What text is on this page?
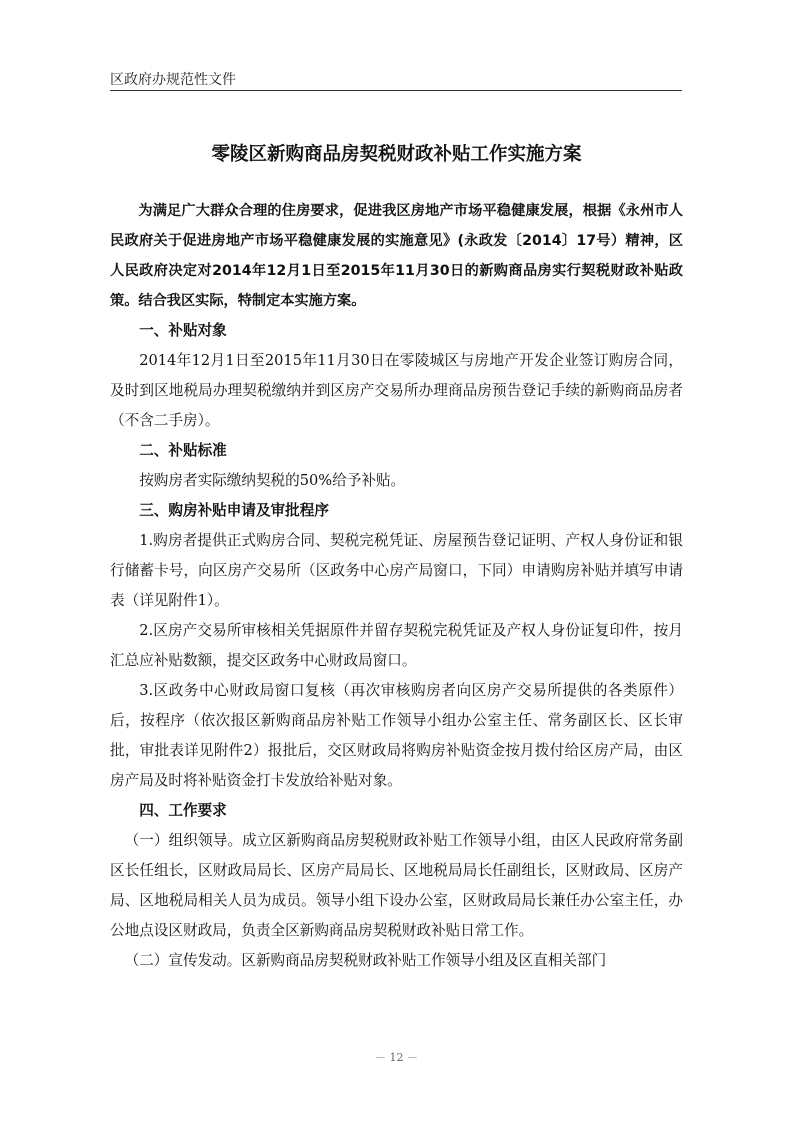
区政府办规范性文件
零陵区新购商品房契税财政补贴工作实施方案

为满足广大群众合理的住房要求，促进我区房地产市场平稳健康发展，根据《永州市人民政府关于促进房地产市场平稳健康发展的实施意见》(永政发〔2014〕17号）精神，区人民政府决定对2014年12月1日至2015年11月30日的新购商品房实行契税财政补贴政策。结合我区实际，特制定本实施方案。

一、补贴对象

2014年12月1日至2015年11月30日在零陵城区与房地产开发企业签订购房合同，及时到区地税局办理契税缴纳并到区房产交易所办理商品房预告登记手续的新购商品房者（不含二手房）。

二、补贴标准

按购房者实际缴纳契税的50%给予补贴。

三、购房补贴申请及审批程序

1.购房者提供正式购房合同、契税完税凭证、房屋预告登记证明、产权人身份证和银行储蓄卡号，向区房产交易所（区政务中心房产局窗口，下同）申请购房补贴并填写申请表（详见附件1）。

2.区房产交易所审核相关凭据原件并留存契税完税凭证及产权人身份证复印件，按月汇总应补贴数额，提交区政务中心财政局窗口。

3.区政务中心财政局窗口复核（再次审核购房者向区房产交易所提供的各类原件）后，按程序（依次报区新购商品房补贴工作领导小组办公室主任、常务副区长、区长审批，审批表详见附件2）报批后，交区财政局将购房补贴资金按月拨付给区房产局，由区房产局及时将补贴资金打卡发放给补贴对象。

四、工作要求

（一）组织领导。成立区新购商品房契税财政补贴工作领导小组，由区人民政府常务副区长任组长，区财政局局长、区房产局局长、区地税局局长任副组长，区财政局、区房产局、区地税局相关人员为成员。领导小组下设办公室，区财政局局长兼任办公室主任，办公地点设区财政局，负责全区新购商品房契税财政补贴日常工作。

（二）宣传发动。区新购商品房契税财政补贴工作领导小组及区直相关部门

－ 12 －
